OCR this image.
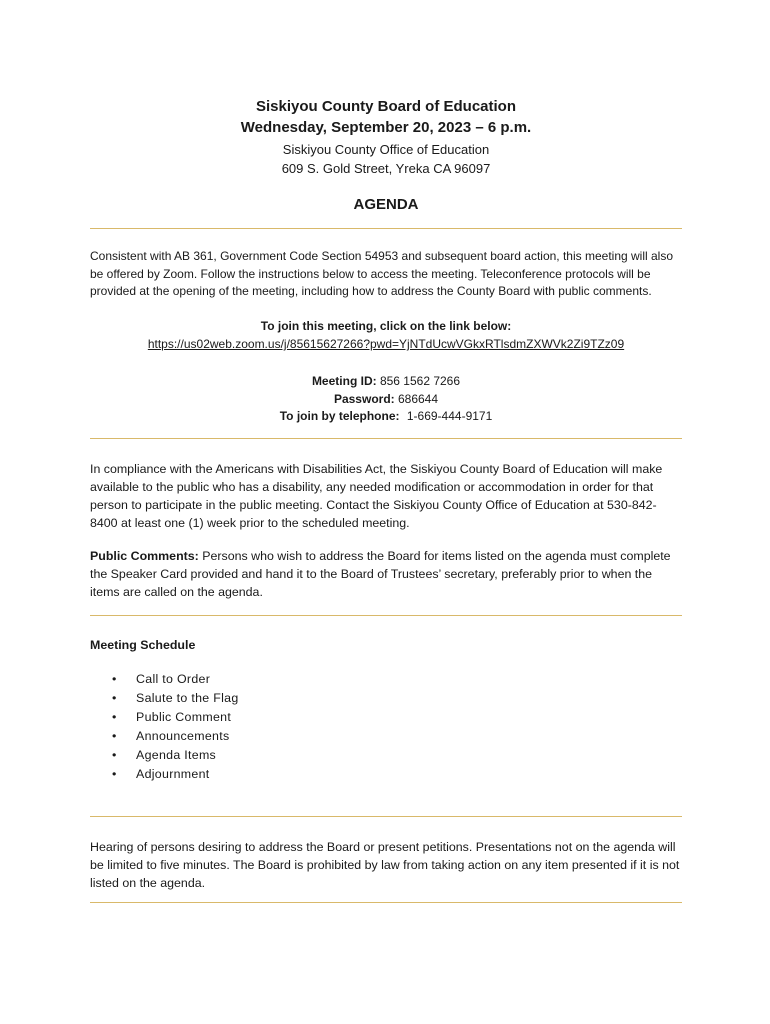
Siskiyou County Board of Education

Wednesday, September 20, 2023 – 6 p.m.

Siskiyou County Office of Education

609 S. Gold Street, Yreka CA 96097

AGENDA

Consistent with AB 361, Government Code Section 54953 and subsequent board action, this meeting will also be offered by Zoom. Follow the instructions below to access the meeting. Teleconference protocols will be provided at the opening of the meeting, including how to address the County Board with public comments.

To join this meeting, click on the link below:

https://us02web.zoom.us/j/85615627266?pwd=YjNTdUcwVGkxRTlsdmZXWVk2Zi9TZz09

Meeting ID: 856 1562 7266

Password: 686644

To join by telephone: 1-669-444-9171

In compliance with the Americans with Disabilities Act, the Siskiyou County Board of Education will make available to the public who has a disability, any needed modification or accommodation in order for that person to participate in the public meeting. Contact the Siskiyou County Office of Education at 530-842-8400 at least one (1) week prior to the scheduled meeting.

Public Comments: Persons who wish to address the Board for items listed on the agenda must complete the Speaker Card provided and hand it to the Board of Trustees’ secretary, preferably prior to when the items are called on the agenda.

Meeting Schedule

• Call to Order
• Salute to the Flag
• Public Comment
• Announcements
• Agenda Items
• Adjournment

Hearing of persons desiring to address the Board or present petitions. Presentations not on the agenda will be limited to five minutes. The Board is prohibited by law from taking action on any item presented if it is not listed on the agenda.
